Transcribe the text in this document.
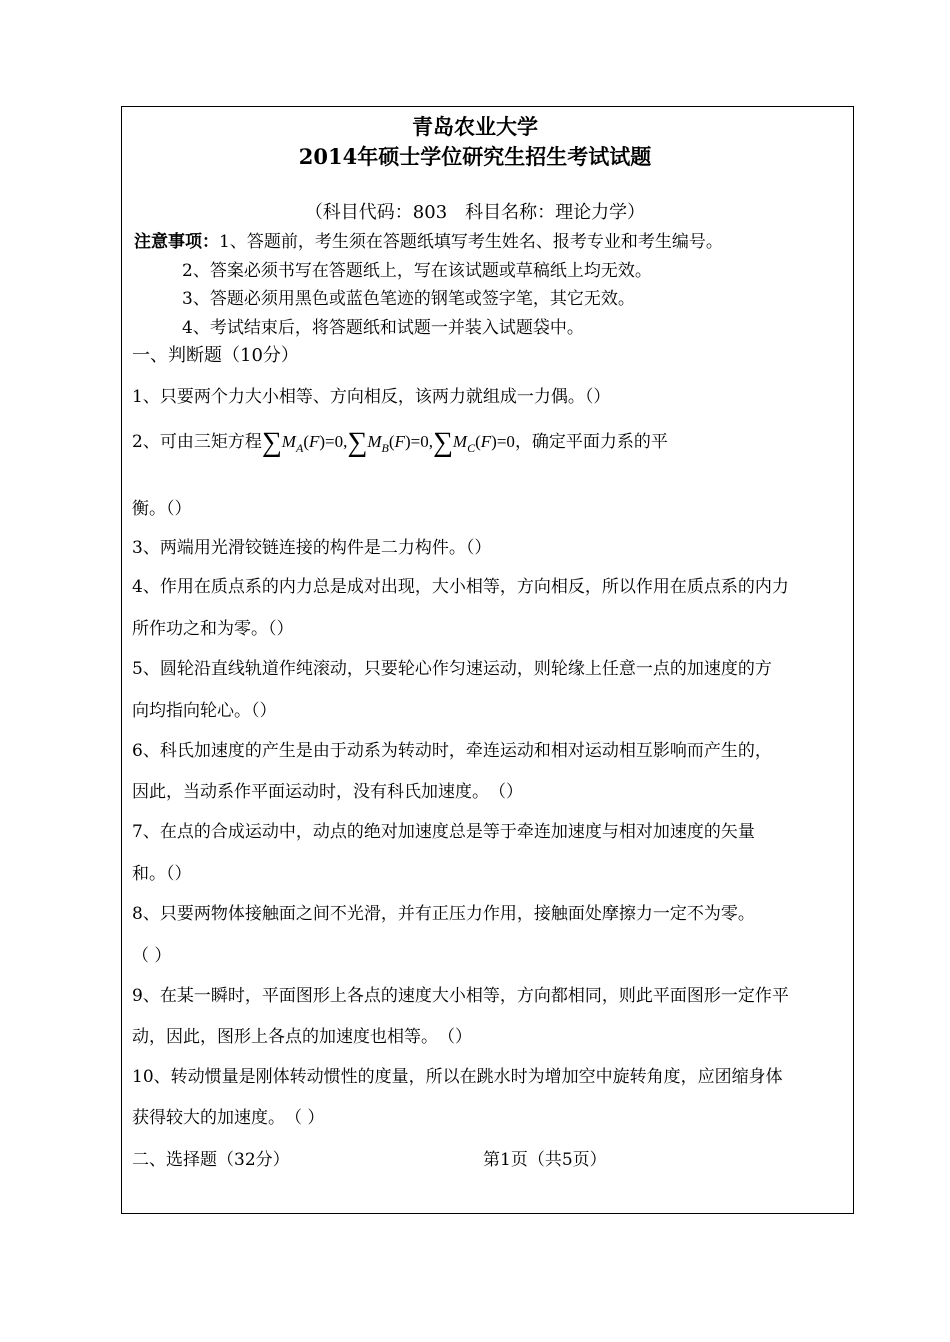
青岛农业大学
2014年硕士学位研究生招生考试试题
（科目代码：803　科目名称：理论力学）
注意事项：1、答题前，考生须在答题纸填写考生姓名、报考专业和考生编号。
2、答案必须书写在答题纸上，写在该试题或草稿纸上均无效。
3、答题必须用黑色或蓝色笔迹的钢笔或签字笔，其它无效。
4、考试结束后，将答题纸和试题一并装入试题袋中。
一、判断题（10分）
1、只要两个力大小相等、方向相反，该两力就组成一力偶。（）
2、可由三矩方程$\sum M_A(F)=0,\sum M_B(F)=0,\sum M_C(F)=0$，确定平面力系的平
衡。（）
3、两端用光滑铰链连接的构件是二力构件。（）
4、作用在质点系的内力总是成对出现，大小相等，方向相反，所以作用在质点系的内力
所作功之和为零。（）
5、圆轮沿直线轨道作纯滚动，只要轮心作匀速运动，则轮缘上任意一点的加速度的方
向均指向轮心。（）
6、科氏加速度的产生是由于动系为转动时，牵连运动和相对运动相互影响而产生的，
因此，当动系作平面运动时，没有科氏加速度。　（）
7、在点的合成运动中，动点的绝对加速度总是等于牵连加速度与相对加速度的矢量
和。（）
8、只要两物体接触面之间不光滑，并有正压力作用，接触面处摩擦力一定不为零。
（ ）
9、在某一瞬时，平面图形上各点的速度大小相等，方向都相同，则此平面图形一定作平
动，因此，图形上各点的加速度也相等。　（）
10、转动惯量是刚体转动惯性的度量，所以在跳水时为增加空中旋转角度，应团缩身体
获得较大的加速度。　（ ）
二、选择题（32分）	第1页（共5页）
